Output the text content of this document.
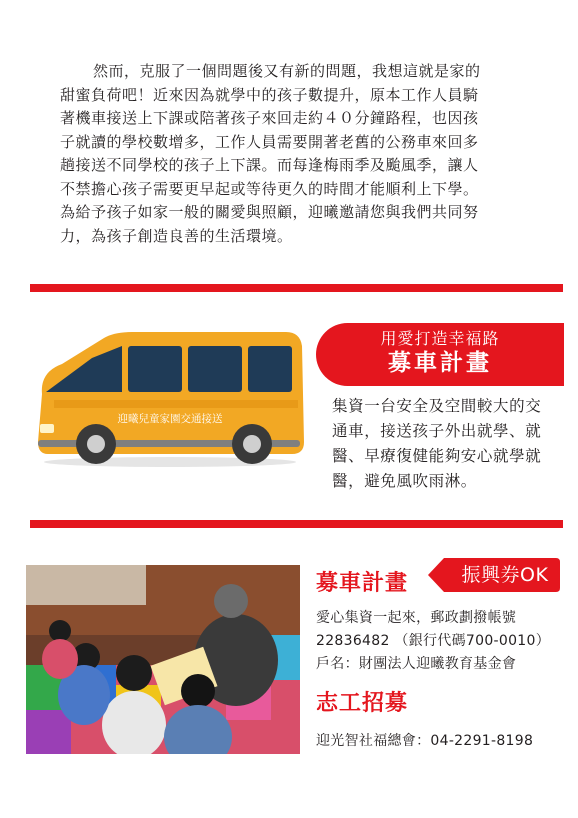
然而，克服了一個問題後又有新的問題，我想這就是家的
甜蜜負荷吧！近來因為就學中的孩子數提升，原本工作人員騎
著機車接送上下課或陪著孩子來回走約４０分鐘路程，也因孩
子就讀的學校數增多，工作人員需要開著老舊的公務車來回多
趟接送不同學校的孩子上下課。而每逢梅雨季及颱風季，讓人
不禁擔心孩子需要更早起或等待更久的時間才能順利上下學。
為給予孩子如家一般的關愛與照顧，迎曦邀請您與我們共同努
力，為孩子創造良善的生活環境。

迎曦兒童家園交通接送
用愛打造幸福路
募車計畫

集資一台安全及空間較大的交
通車，接送孩子外出就學、就
醫、早療復健能夠安心就學就
醫，避免風吹雨淋。

募車計畫	振興券OK

愛心集資一起來，郵政劃撥帳號

22836482 （銀行代碼700-0010）

戶名：財團法人迎曦教育基金會

志工招募

迎光智社福總會：04-2291-8198
